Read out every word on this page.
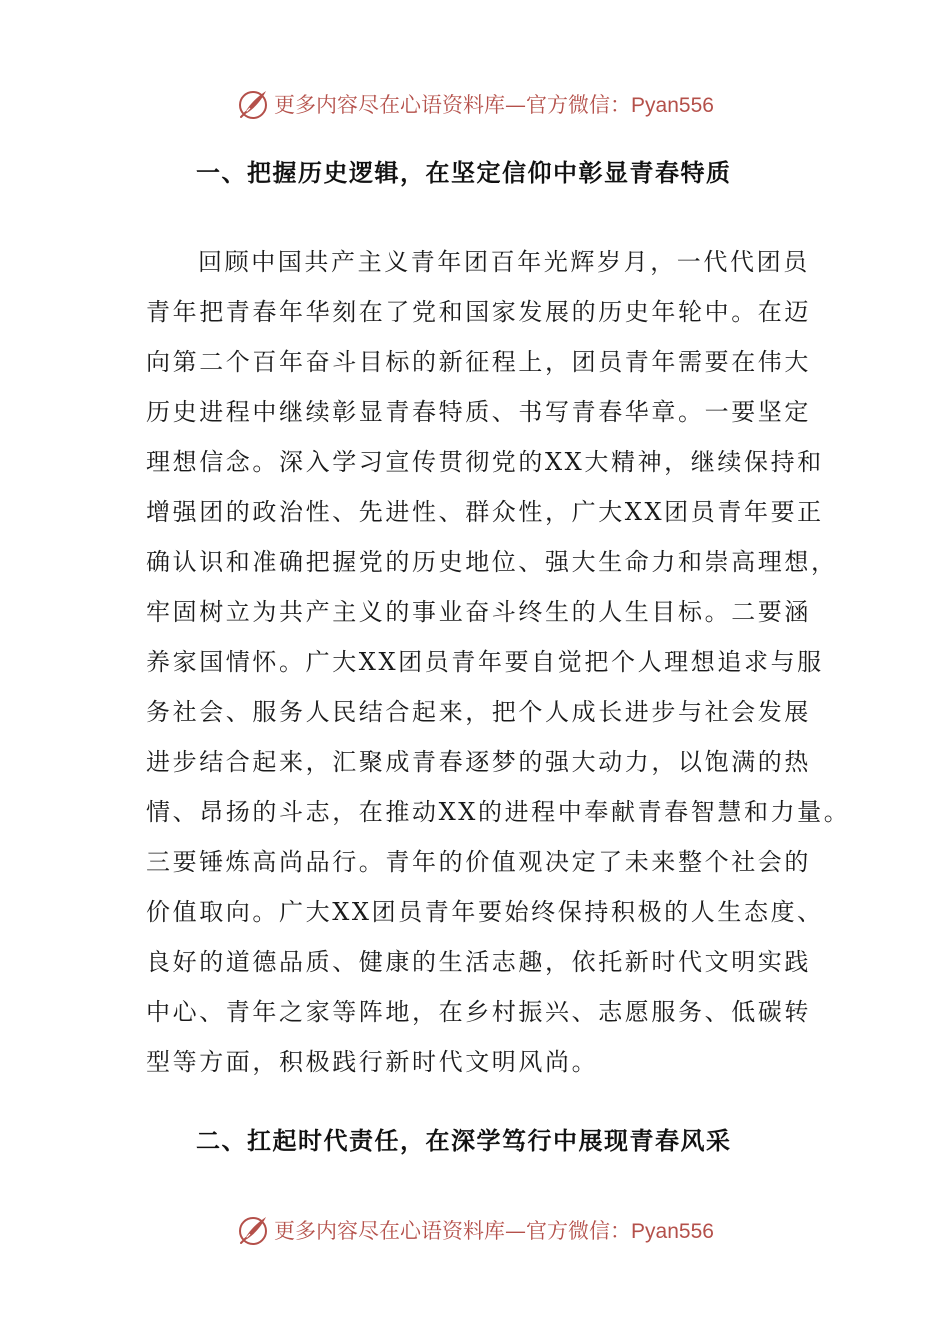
更多内容尽在心语资料库—官方微信：Pyan556
一、把握历史逻辑，在坚定信仰中彰显青春特质
回顾中国共产主义青年团百年光辉岁月，一代代团员
青年把青春年华刻在了党和国家发展的历史年轮中。在迈
向第二个百年奋斗目标的新征程上，团员青年需要在伟大
历史进程中继续彰显青春特质、书写青春华章。一要坚定
理想信念。深入学习宣传贯彻党的XX大精神，继续保持和
增强团的政治性、先进性、群众性，广大XX团员青年要正
确认识和准确把握党的历史地位、强大生命力和崇高理想，
牢固树立为共产主义的事业奋斗终生的人生目标。二要涵
养家国情怀。广大XX团员青年要自觉把个人理想追求与服
务社会、服务人民结合起来，把个人成长进步与社会发展
进步结合起来，汇聚成青春逐梦的强大动力，以饱满的热
情、昂扬的斗志，在推动XX的进程中奉献青春智慧和力量。
三要锤炼高尚品行。青年的价值观决定了未来整个社会的
价值取向。广大XX团员青年要始终保持积极的人生态度、
良好的道德品质、健康的生活志趣，依托新时代文明实践
中心、青年之家等阵地，在乡村振兴、志愿服务、低碳转
型等方面，积极践行新时代文明风尚。
二、扛起时代责任，在深学笃行中展现青春风采
更多内容尽在心语资料库—官方微信：Pyan556
